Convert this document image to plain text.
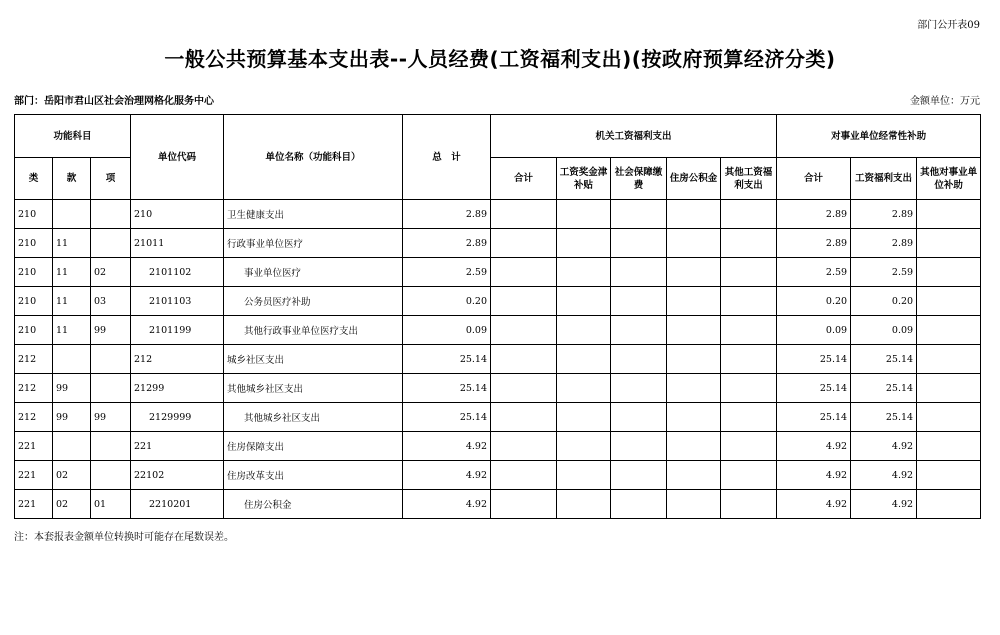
部门公开表09
一般公共预算基本支出表--人员经费(工资福利支出)(按政府预算经济分类)
部门：岳阳市君山区社会治理网格化服务中心	金额单位：万元
功能科目			单位代码	单位名称（功能科目）	总　计	机关工资福利支出					对事业单位经常性补助		
类	款	项				合计	工资奖金津补贴	社会保障缴费	住房公积金	其他工资福利支出	合计	工资福利支出	其他对事业单位补助
210			210	卫生健康支出	2.89						2.89	2.89	
210	11		21011	行政事业单位医疗	2.89						2.89	2.89	
210	11	02	2101102	事业单位医疗	2.59						2.59	2.59	
210	11	03	2101103	公务员医疗补助	0.20						0.20	0.20	
210	11	99	2101199	其他行政事业单位医疗支出	0.09						0.09	0.09	
212			212	城乡社区支出	25.14						25.14	25.14	
212	99		21299	其他城乡社区支出	25.14						25.14	25.14	
212	99	99	2129999	其他城乡社区支出	25.14						25.14	25.14	
221			221	住房保障支出	4.92						4.92	4.92	
221	02		22102	住房改革支出	4.92						4.92	4.92	
221	02	01	2210201	住房公积金	4.92						4.92	4.92	
注：本套报表金额单位转换时可能存在尾数误差。
